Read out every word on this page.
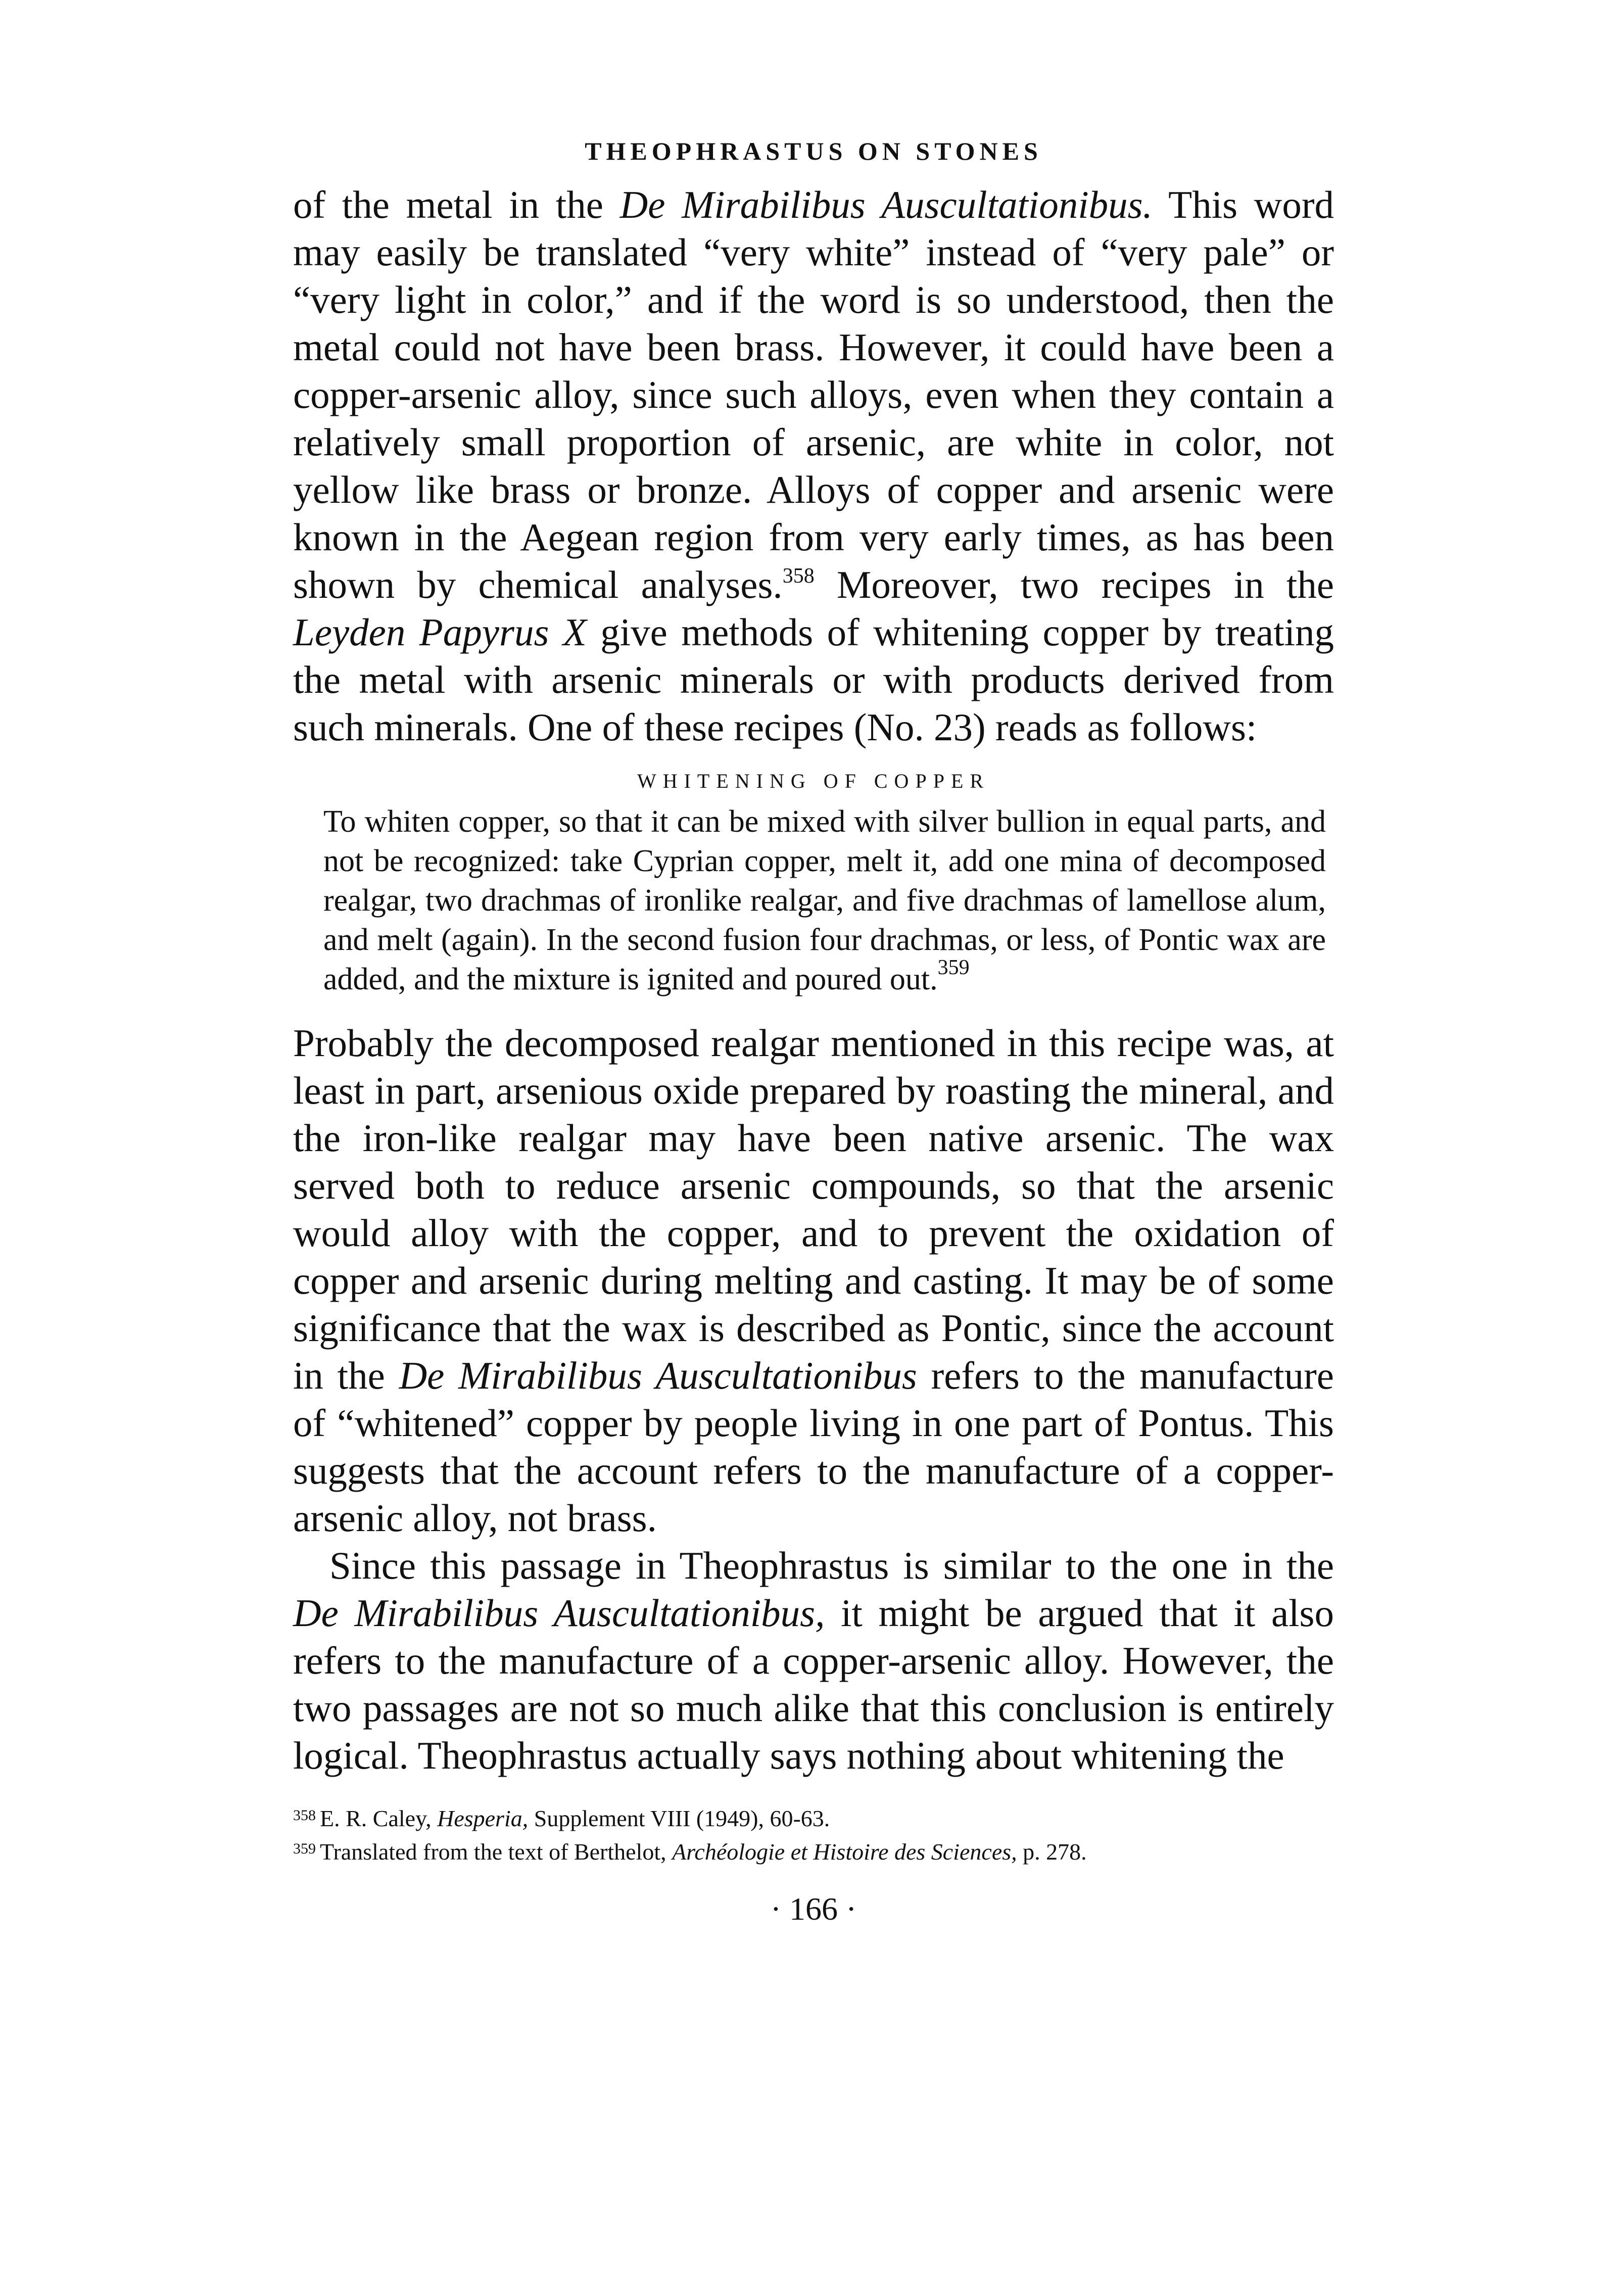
THEOPHRASTUS ON STONES

of the metal in the De Mirabilibus Auscultationibus. This word may easily be translated “very white” instead of “very pale” or “very light in color,” and if the word is so understood, then the metal could not have been brass. However, it could have been a copper-arsenic alloy, since such alloys, even when they contain a relatively small proportion of arsenic, are white in color, not yellow like brass or bronze. Alloys of copper and arsenic were known in the Aegean region from very early times, as has been shown by chemical analyses.$^{358}$ Moreover, two recipes in the Leyden Papyrus X give methods of whitening copper by treating the metal with arsenic minerals or with products derived from such minerals. One of these recipes (No. 23) reads as follows:

WHITENING OF COPPER

To whiten copper, so that it can be mixed with silver bullion in equal parts, and not be recognized: take Cyprian copper, melt it, add one mina of decomposed realgar, two drachmas of ironlike realgar, and five drachmas of lamellose alum, and melt (again). In the second fusion four drachmas, or less, of Pontic wax are added, and the mixture is ignited and poured out.$^{359}$

Probably the decomposed realgar mentioned in this recipe was, at least in part, arsenious oxide prepared by roasting the mineral, and the iron-like realgar may have been native arsenic. The wax served both to reduce arsenic compounds, so that the arsenic would alloy with the copper, and to prevent the oxidation of copper and arsenic during melting and casting. It may be of some significance that the wax is described as Pontic, since the account in the De Mirabilibus Auscultationibus refers to the manufacture of “whitened” copper by people living in one part of Pontus. This suggests that the account refers to the manufacture of a copper-arsenic alloy, not brass.

Since this passage in Theophrastus is similar to the one in the De Mirabilibus Auscultationibus, it might be argued that it also refers to the manufacture of a copper-arsenic alloy. However, the two passages are not so much alike that this conclusion is entirely logical. Theophrastus actually says nothing about whitening the

$^{358}$ E. R. Caley, Hesperia, Supplement VIII (1949), 60-63.

$^{359}$ Translated from the text of Berthelot, Archéologie et Histoire des Sciences, p. 278.

· 166 ·
